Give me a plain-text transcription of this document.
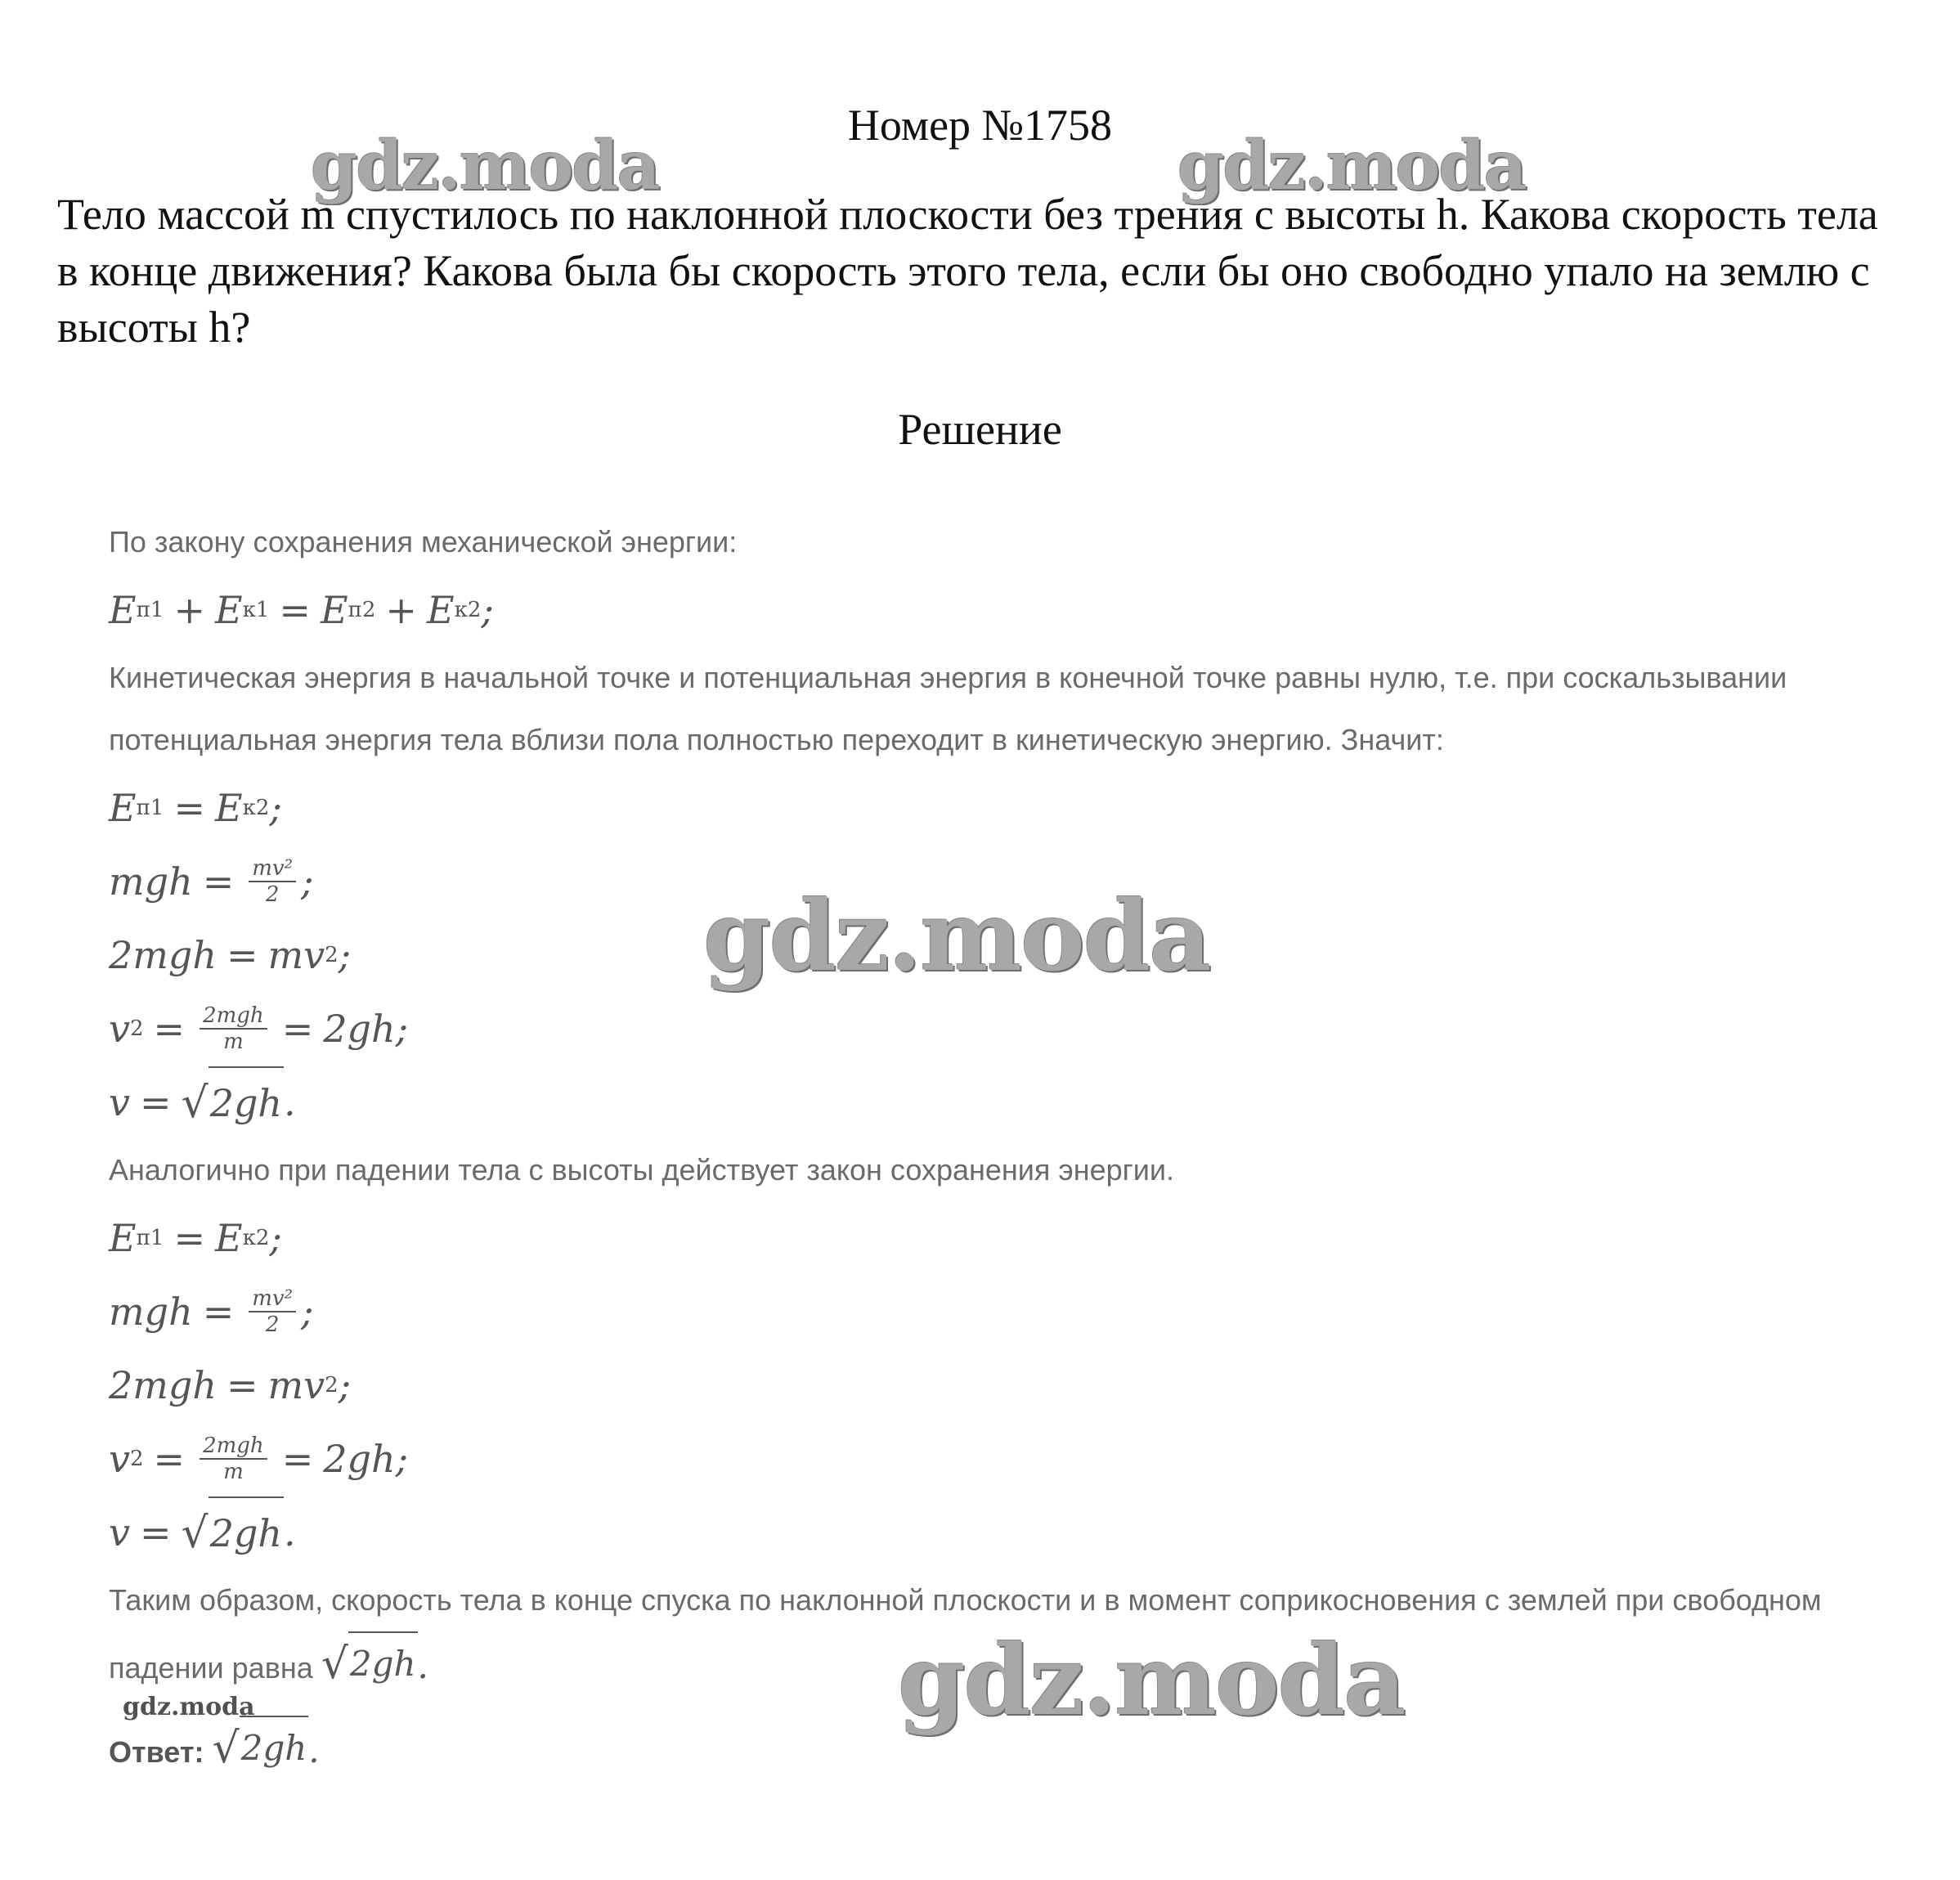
Номер №1758
gdz.moda	gdz.moda
Тело массой m спустилось по наклонной плоскости без трения с высоты h. Какова скорость тела в конце движения? Какова была бы скорость этого тела, если бы оно свободно упало на землю с высоты h?
Решение

По закону сохранения механической энергии:

E п1 + E к1 = E п2 + E к2 ;

Кинетическая энергия в начальной точке и потенциальная энергия в конечной точке равны нулю, т.е. при соскальзывании потенциальная энергия тела вблизи пола полностью переходит в кинетическую энергию. Значит:

E п1 = E к2 ;
mgh = $\frac{\text{mv²}}{2}$ ;
2mgh = mv 2 ;
v $2 = \frac{\text{2mgh}}{m} = 2gh$;
v = √ 2gh .

Аналогично при падении тела с высоты действует закон сохранения энергии.

E п1 = E к2 ;
mgh = $\frac{\text{mv²}}{2}$ ;
2mgh = mv 2 ;
v $2 = \frac{\text{2mgh}}{m} = 2gh$;
v = √ 2gh .

Таким образом, скорость тела в конце спуска по наклонной плоскости и в момент соприкосновения с землей при свободном падении равна √ 2gh .

Ответ: √ 2gh .

gdz.moda
gdz.moda
gdz.moda
